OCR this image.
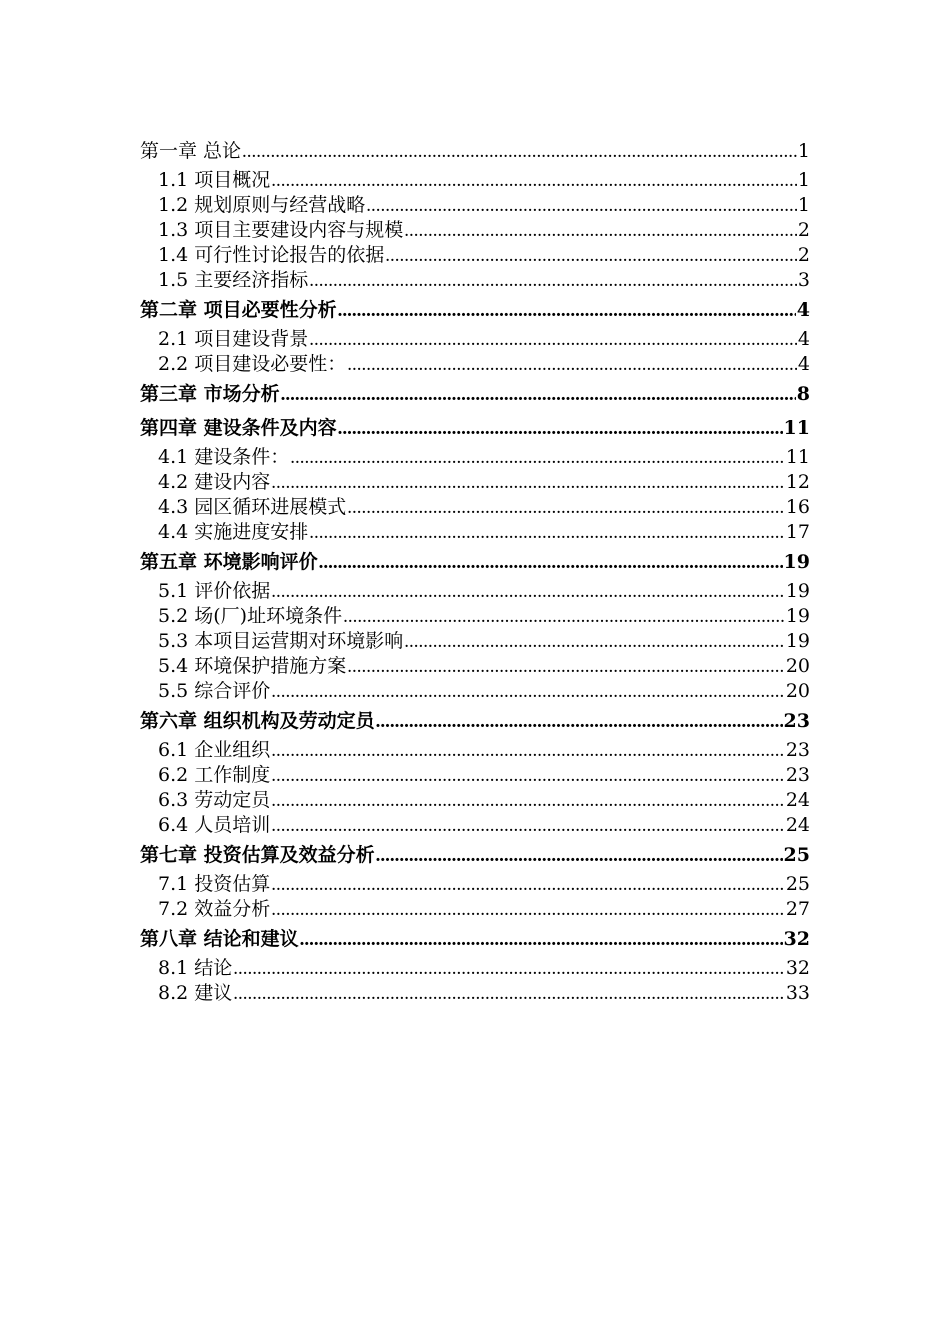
第一章 总论 .....	1
1.1 项目概况 .....	1
1.2 规划原则与经营战略 .....	1
1.3 项目主要建设内容与规模 .....	2
1.4 可行性讨论报告的依据 .....	2
1.5 主要经济指标 .....	3
第二章 项目必要性分析 .....	4
2.1 项目建设背景 .....	4
2.2 项目建设必要性： .....	4
第三章 市场分析 .....	8
第四章 建设条件及内容 .....	11
4.1 建设条件： .....	11
4.2 建设内容 .....	12
4.3 园区循环进展模式 .....	16
4.4 实施进度安排 .....	17
第五章 环境影响评价 .....	19
5.1 评价依据 .....	19
5.2 场(厂)址环境条件 .....	19
5.3 本项目运营期对环境影响 .....	19
5.4 环境保护措施方案 .....	20
5.5 综合评价 .....	20
第六章 组织机构及劳动定员 .....	23
6.1 企业组织 .....	23
6.2 工作制度 .....	23
6.3 劳动定员 .....	24
6.4 人员培训 .....	24
第七章 投资估算及效益分析 .....	25
7.1 投资估算 .....	25
7.2 效益分析 .....	27
第八章 结论和建议 .....	32
8.1 结论 .....	32
8.2 建议 .....	33
